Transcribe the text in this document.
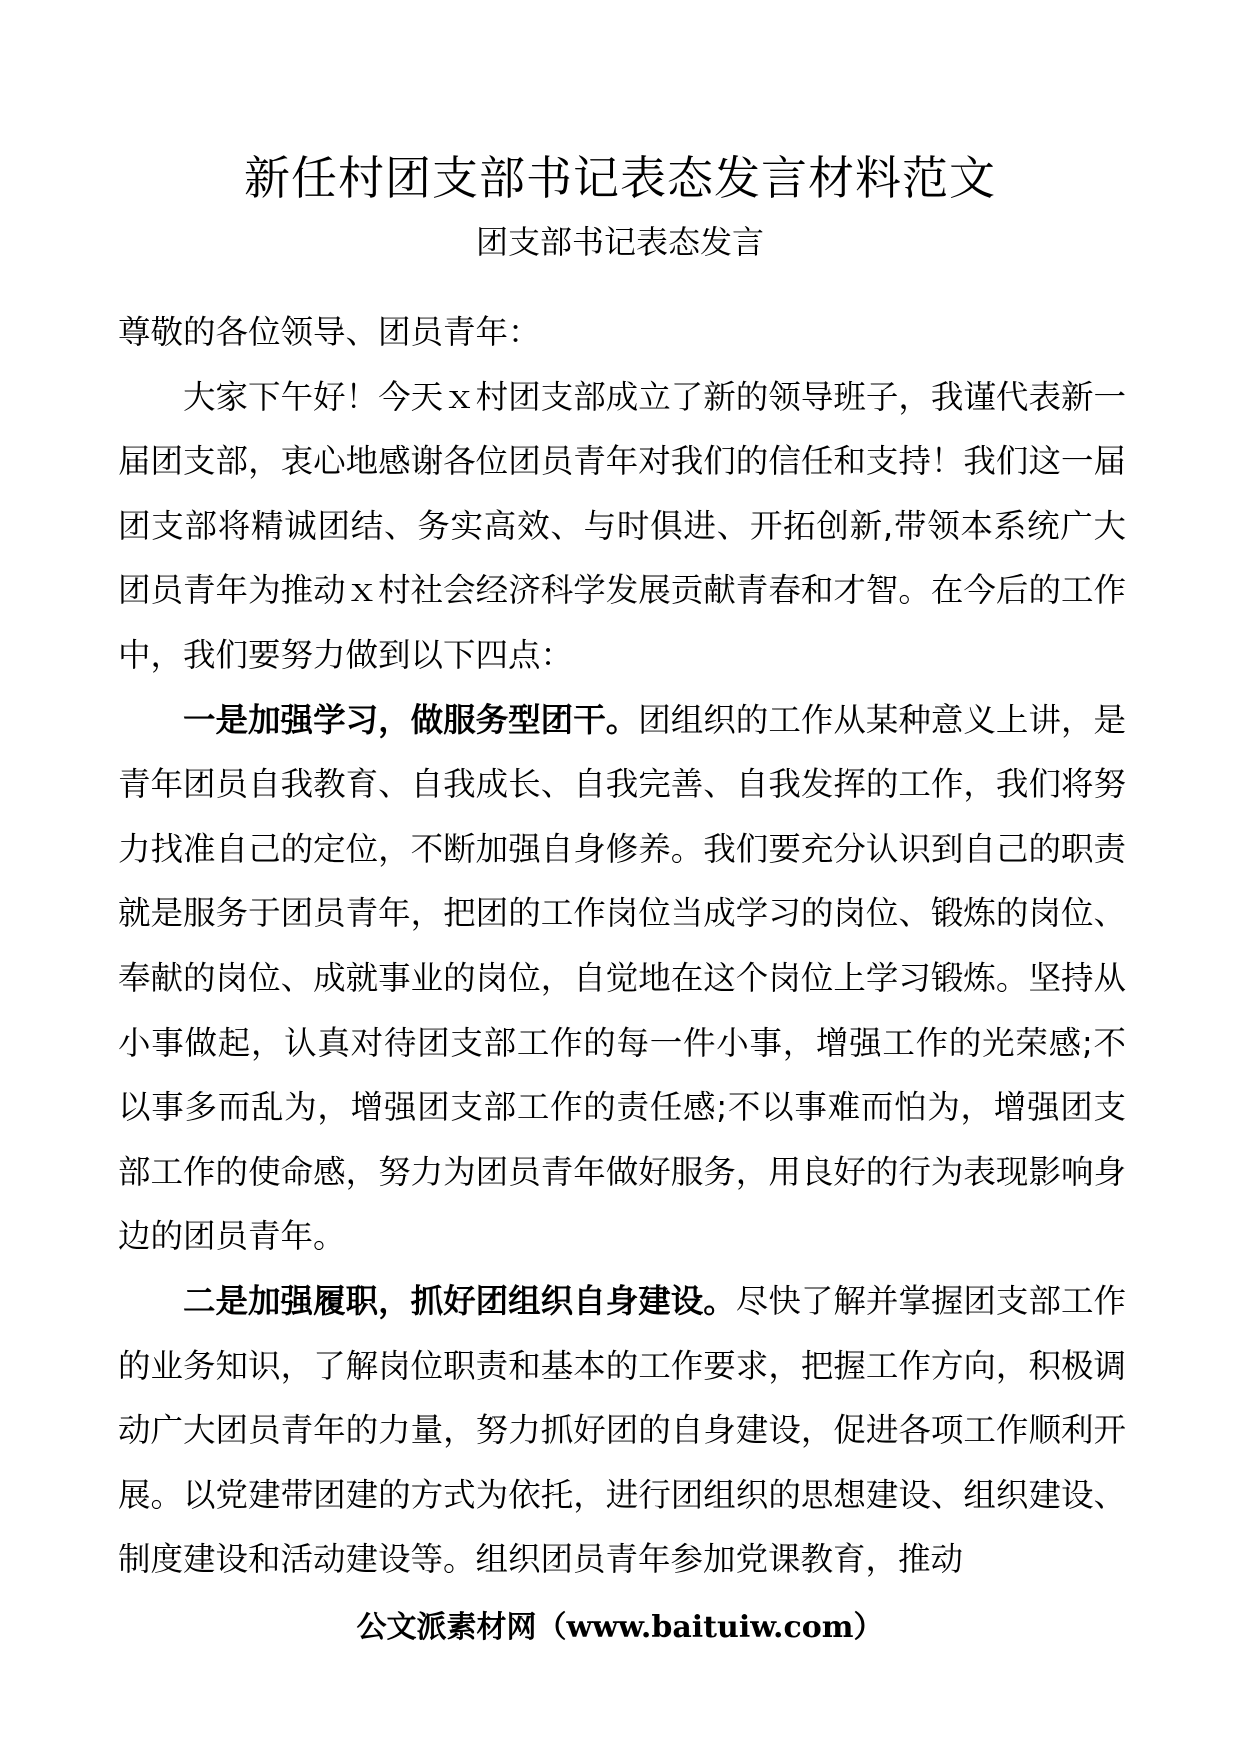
新任村团支部书记表态发言材料范文
团支部书记表态发言

尊敬的各位领导、团员青年：

大家下午好！今天ｘ村团支部成立了新的领导班子，我谨代表新一届团支部，衷心地感谢各位团员青年对我们的信任和支持！我们这一届团支部将精诚团结、务实高效、与时俱进、开拓创新,带领本系统广大团员青年为推动ｘ村社会经济科学发展贡献青春和才智。在今后的工作中，我们要努力做到以下四点：

一是加强学习，做服务型团干。团组织的工作从某种意义上讲，是青年团员自我教育、自我成长、自我完善、自我发挥的工作，我们将努力找准自己的定位，不断加强自身修养。我们要充分认识到自己的职责就是服务于团员青年，把团的工作岗位当成学习的岗位、锻炼的岗位、奉献的岗位、成就事业的岗位，自觉地在这个岗位上学习锻炼。坚持从小事做起，认真对待团支部工作的每一件小事，增强工作的光荣感;不以事多而乱为，增强团支部工作的责任感;不以事难而怕为，增强团支部工作的使命感，努力为团员青年做好服务，用良好的行为表现影响身边的团员青年。

二是加强履职，抓好团组织自身建设。尽快了解并掌握团支部工作的业务知识，了解岗位职责和基本的工作要求，把握工作方向，积极调动广大团员青年的力量，努力抓好团的自身建设，促进各项工作顺利开展。以党建带团建的方式为依托，进行团组织的思想建设、组织建设、制度建设和活动建设等。组织团员青年参加党课教育，推动

公文派素材网（www.baituiw.com）
